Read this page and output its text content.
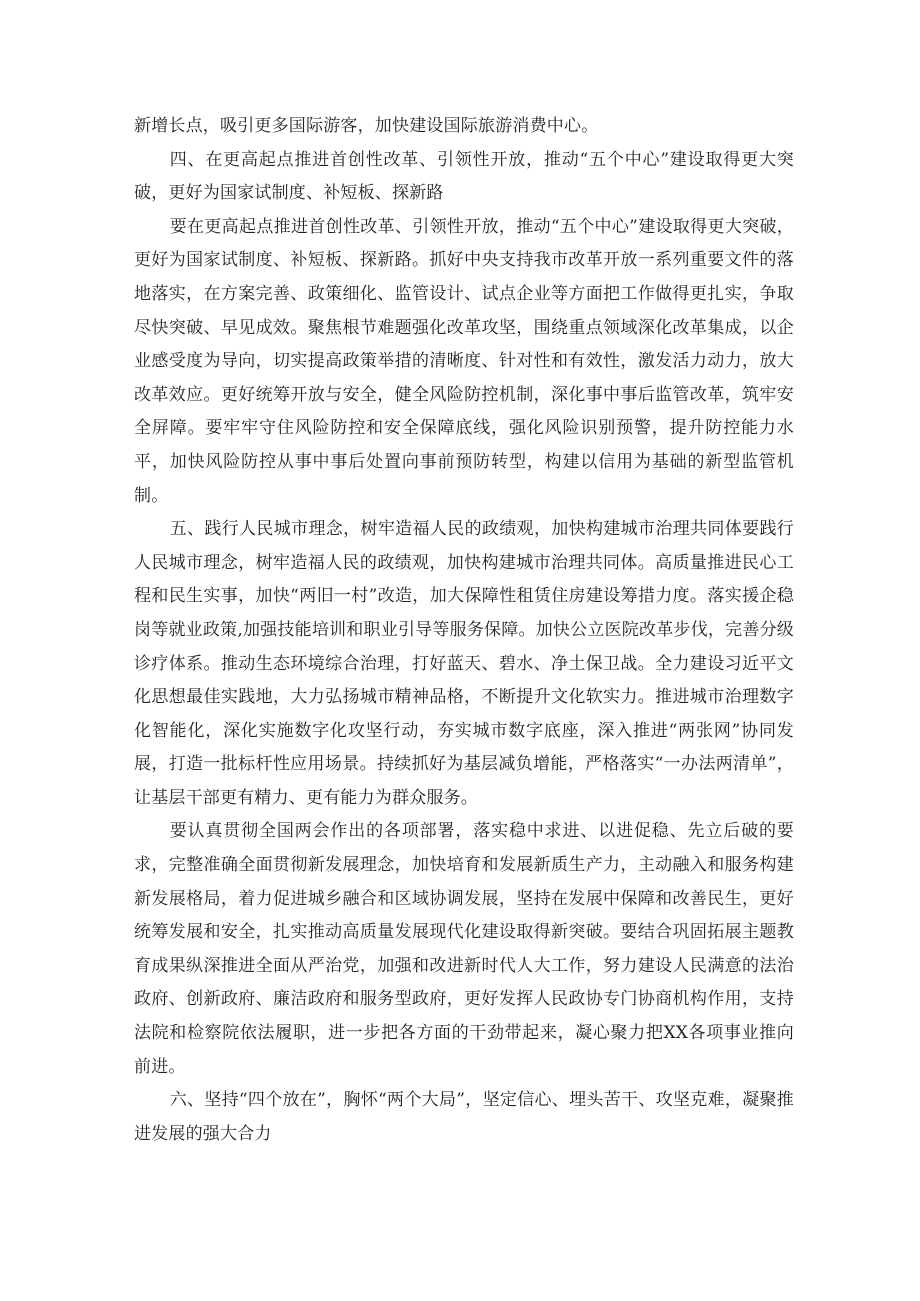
新增长点，吸引更多国际游客，加快建设国际旅游消费中心。

四、在更高起点推进首创性改革、引领性开放，推动“五个中心”建设取得更大突破，更好为国家试制度、补短板、探新路

要在更高起点推进首创性改革、引领性开放，推动“五个中心”建设取得更大突破，更好为国家试制度、补短板、探新路。抓好中央支持我市改革开放一系列重要文件的落地落实，在方案完善、政策细化、监管设计、试点企业等方面把工作做得更扎实，争取尽快突破、早见成效。聚焦根节难题强化改革攻坚，围绕重点领域深化改革集成，以企业感受度为导向，切实提高政策举措的清晰度、针对性和有效性，激发活力动力，放大改革效应。更好统筹开放与安全，健全风险防控机制，深化事中事后监管改革，筑牢安全屏障。要牢牢守住风险防控和安全保障底线，强化风险识别预警，提升防控能力水平，加快风险防控从事中事后处置向事前预防转型，构建以信用为基础的新型监管机制。

五、践行人民城市理念，树牢造福人民的政绩观，加快构建城市治理共同体要践行人民城市理念，树牢造福人民的政绩观，加快构建城市治理共同体。高质量推进民心工程和民生实事，加快“两旧一村”改造，加大保障性租赁住房建设筹措力度。落实援企稳岗等就业政策,加强技能培训和职业引导等服务保障。加快公立医院改革步伐，完善分级诊疗体系。推动生态环境综合治理，打好蓝天、碧水、净土保卫战。全力建设习近平文化思想最佳实践地，大力弘扬城市精神品格，不断提升文化软实力。推进城市治理数字化智能化，深化实施数字化攻坚行动，夯实城市数字底座，深入推进“两张网”协同发展，打造一批标杆性应用场景。持续抓好为基层减负增能，严格落实“一办法两清单”，让基层干部更有精力、更有能力为群众服务。

要认真贯彻全国两会作出的各项部署，落实稳中求进、以进促稳、先立后破的要求，完整准确全面贯彻新发展理念，加快培育和发展新质生产力，主动融入和服务构建新发展格局，着力促进城乡融合和区域协调发展，坚持在发展中保障和改善民生，更好统筹发展和安全，扎实推动高质量发展现代化建设取得新突破。要结合巩固拓展主题教育成果纵深推进全面从严治党，加强和改进新时代人大工作，努力建设人民满意的法治政府、创新政府、廉洁政府和服务型政府，更好发挥人民政协专门协商机构作用，支持法院和检察院依法履职，进一步把各方面的干劲带起来，凝心聚力把XX各项事业推向前进。

六、坚持“四个放在”，胸怀“两个大局”，坚定信心、埋头苦干、攻坚克难，凝聚推进发展的强大合力
